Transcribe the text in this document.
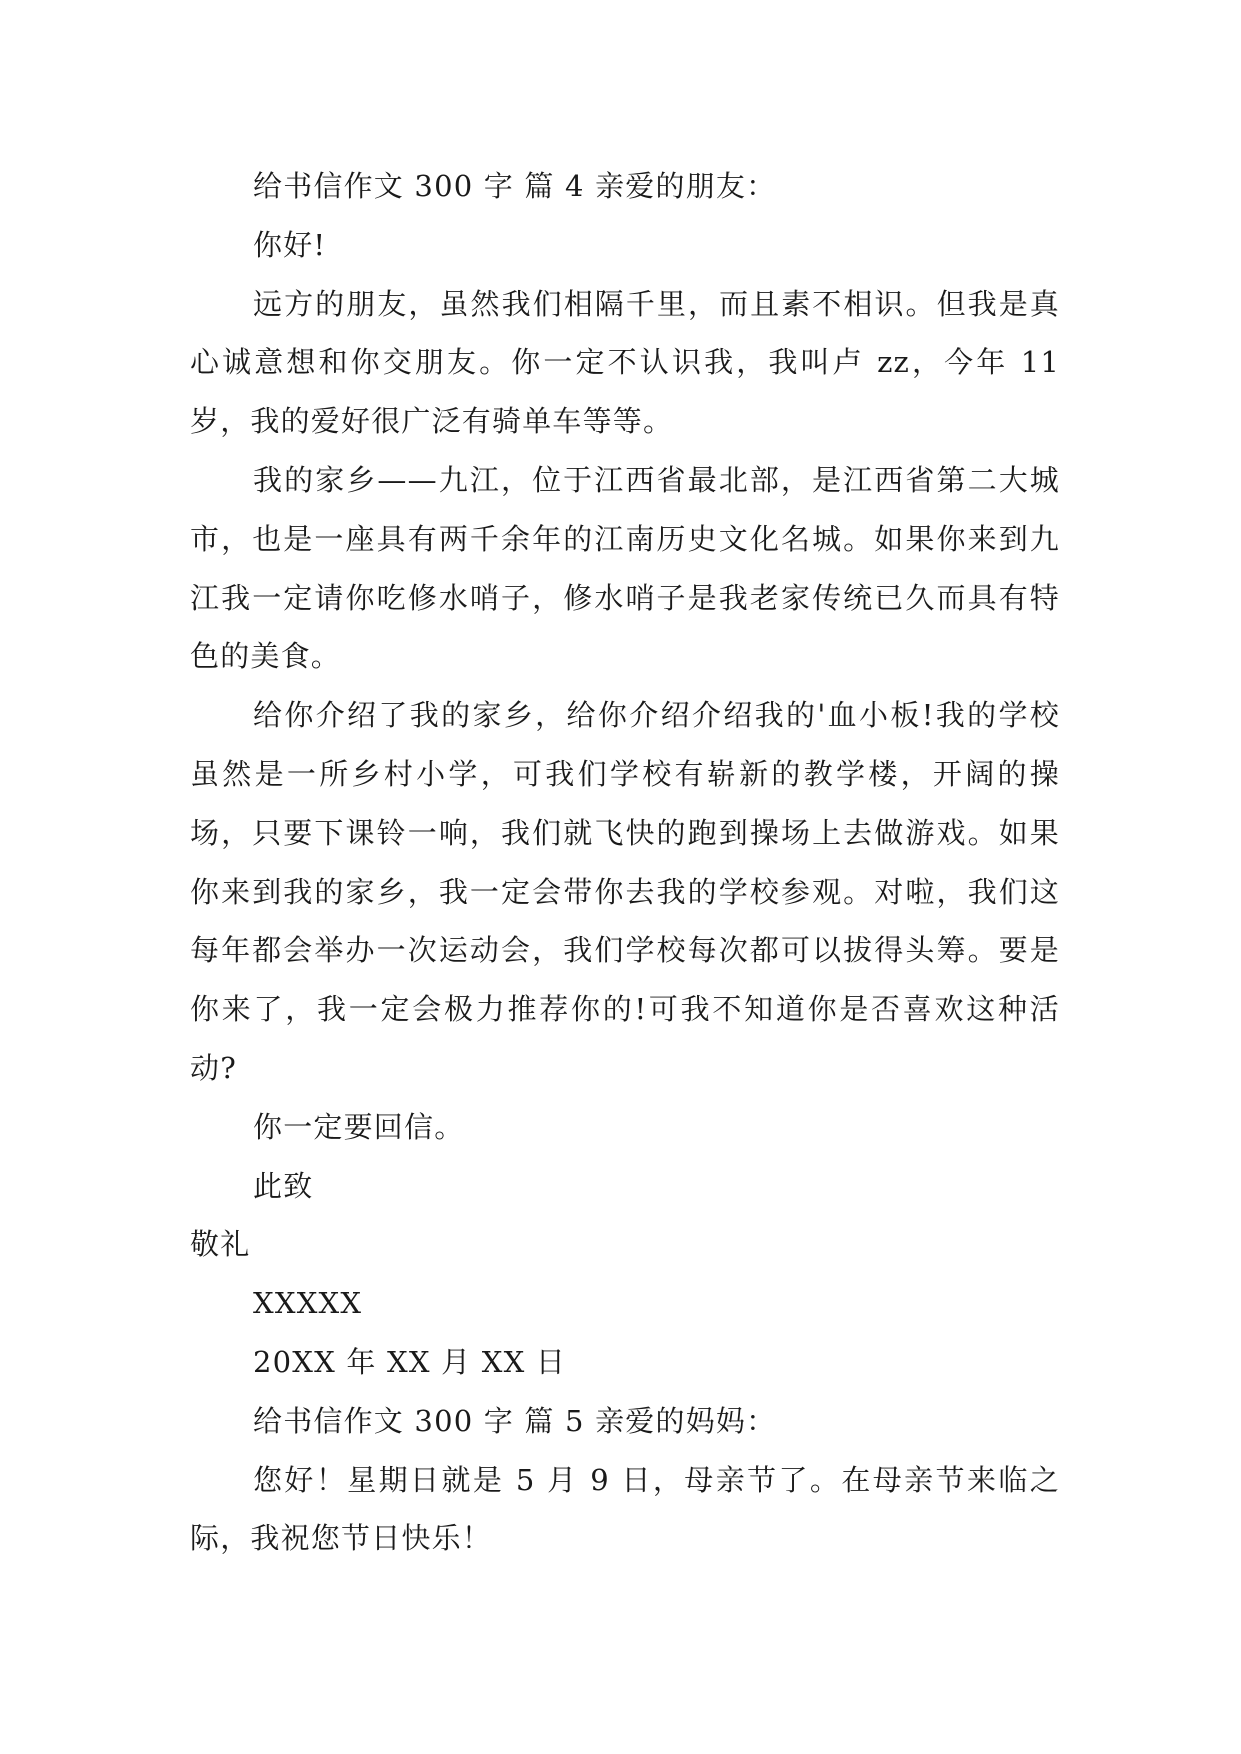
给书信作文 300 字 篇 4 亲爱的朋友：

你好!

远方的朋友，虽然我们相隔千里，而且素不相识。但我是真心诚意想和你交朋友。你一定不认识我，我叫卢 zz，今年 11 岁，我的爱好很广泛有骑单车等等。

我的家乡——九江，位于江西省最北部，是江西省第二大城市，也是一座具有两千余年的江南历史文化名城。如果你来到九江我一定请你吃修水哨子，修水哨子是我老家传统已久而具有特色的美食。

给你介绍了我的家乡，给你介绍介绍我的'血小板!我的学校虽然是一所乡村小学，可我们学校有崭新的教学楼，开阔的操场，只要下课铃一响，我们就飞快的跑到操场上去做游戏。如果你来到我的家乡，我一定会带你去我的学校参观。对啦，我们这每年都会举办一次运动会，我们学校每次都可以拔得头筹。要是你来了，我一定会极力推荐你的!可我不知道你是否喜欢这种活动?

你一定要回信。

此致

敬礼

XXXXX

20XX 年 XX 月 XX 日

给书信作文 300 字 篇 5 亲爱的妈妈：

您好！星期日就是 5 月 9 日，母亲节了。在母亲节来临之际，我祝您节日快乐！
